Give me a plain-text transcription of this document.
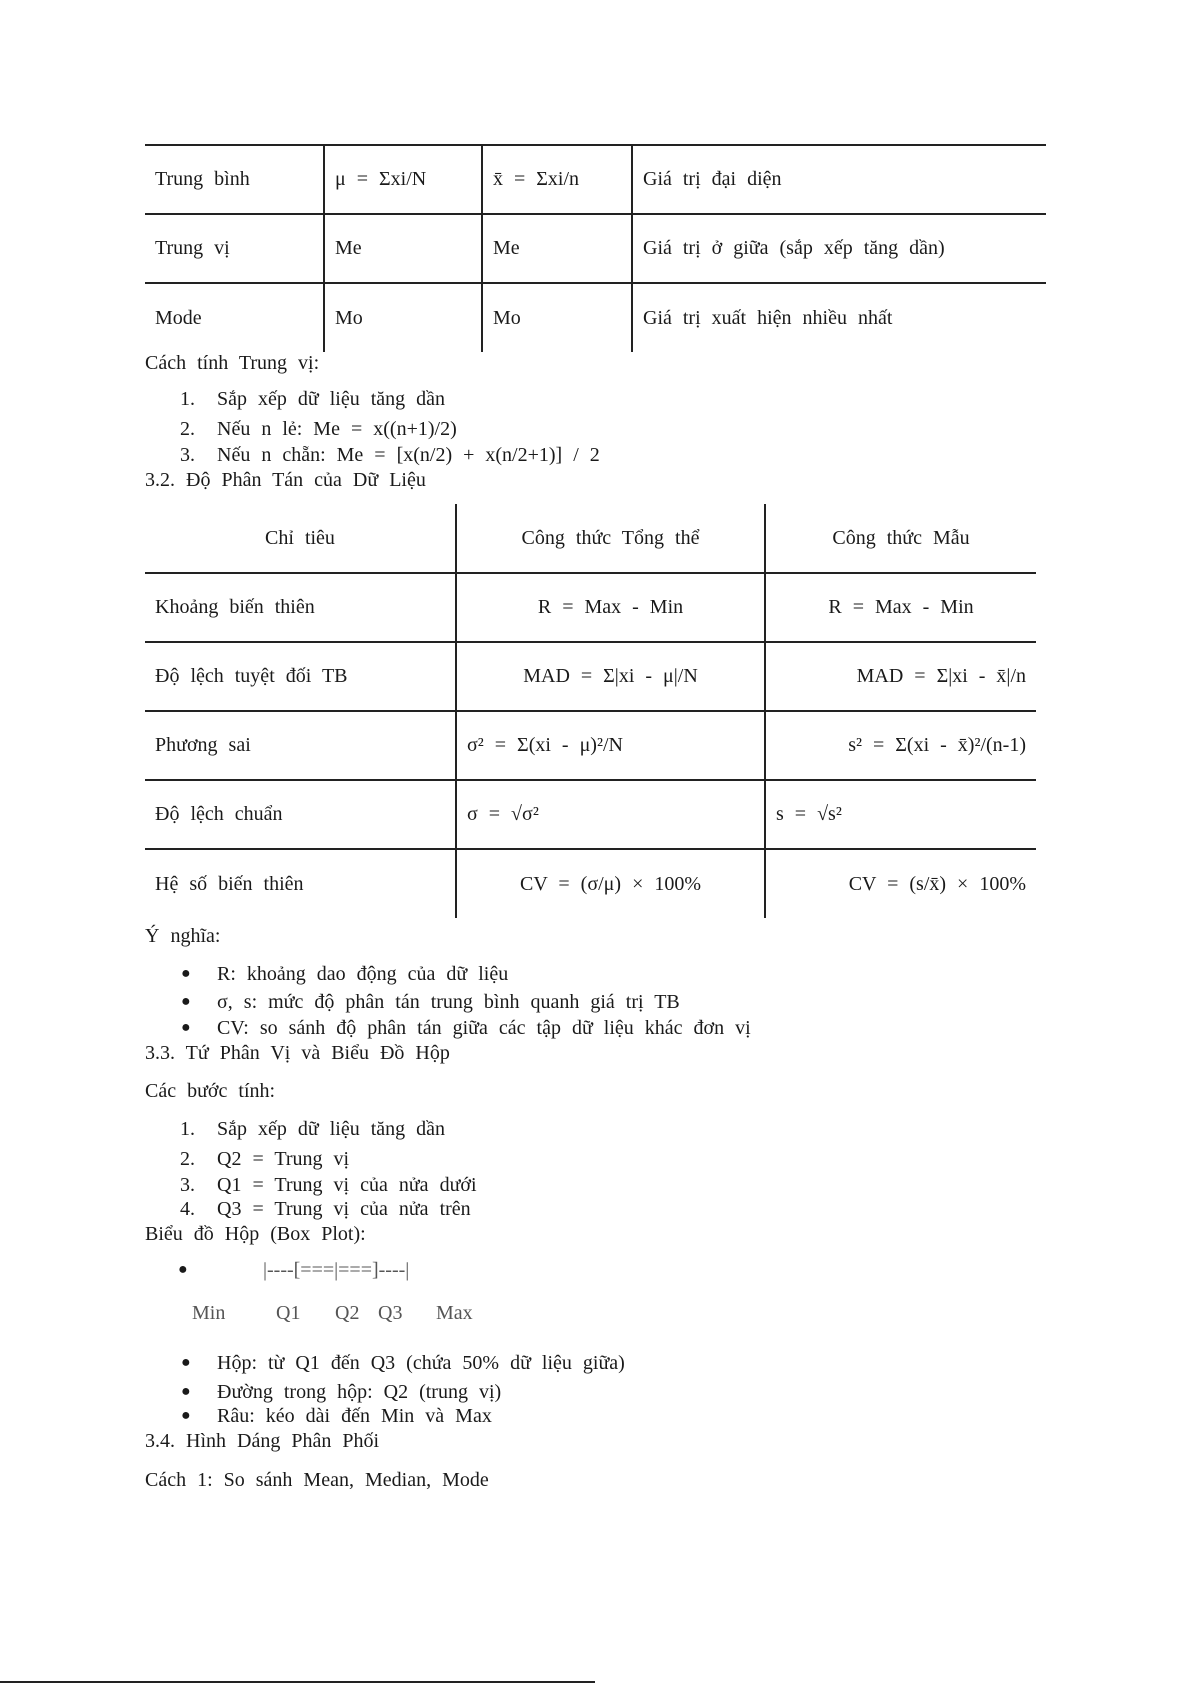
Trung bình	μ = Σxi/N	x̄ = Σxi/n	Giá trị đại diện
Trung vị	Me	Me	Giá trị ở giữa (sắp xếp tăng dần)
Mode	Mo	Mo	Giá trị xuất hiện nhiều nhất
Cách tính Trung vị:
1. Sắp xếp dữ liệu tăng dần
2. Nếu n lẻ: Me = x((n+1)/2)
3. Nếu n chẵn: Me = [x(n/2) + x(n/2+1)] / 2
3.2. Độ Phân Tán của Dữ Liệu
Chỉ tiêu	Công thức Tổng thể	Công thức Mẫu
Khoảng biến thiên	R = Max - Min	R = Max - Min
Độ lệch tuyệt đối TB	MAD = Σ|xi - μ|/N	MAD = Σ|xi - x̄|/n
Phương sai	σ² = Σ(xi - μ)²/N	s² = Σ(xi - x̄)²/(n-1)
Độ lệch chuẩn	σ = √σ²	s = √s²
Hệ số biến thiên	CV = (σ/μ) × 100%	CV = (s/x̄) × 100%
Ý nghĩa:
● R: khoảng dao động của dữ liệu
● σ, s: mức độ phân tán trung bình quanh giá trị TB
● CV: so sánh độ phân tán giữa các tập dữ liệu khác đơn vị
3.3. Tứ Phân Vị và Biểu Đồ Hộp
Các bước tính:
1. Sắp xếp dữ liệu tăng dần
2. Q2 = Trung vị
3. Q1 = Trung vị của nửa dưới
4. Q3 = Trung vị của nửa trên
Biểu đồ Hộp (Box Plot):
●	|----[===|===]----|
Min	Q1 Q2 Q3 Max
● Hộp: từ Q1 đến Q3 (chứa 50% dữ liệu giữa)
● Đường trong hộp: Q2 (trung vị)
● Râu: kéo dài đến Min và Max
3.4. Hình Dáng Phân Phối
Cách 1: So sánh Mean, Median, Mode
